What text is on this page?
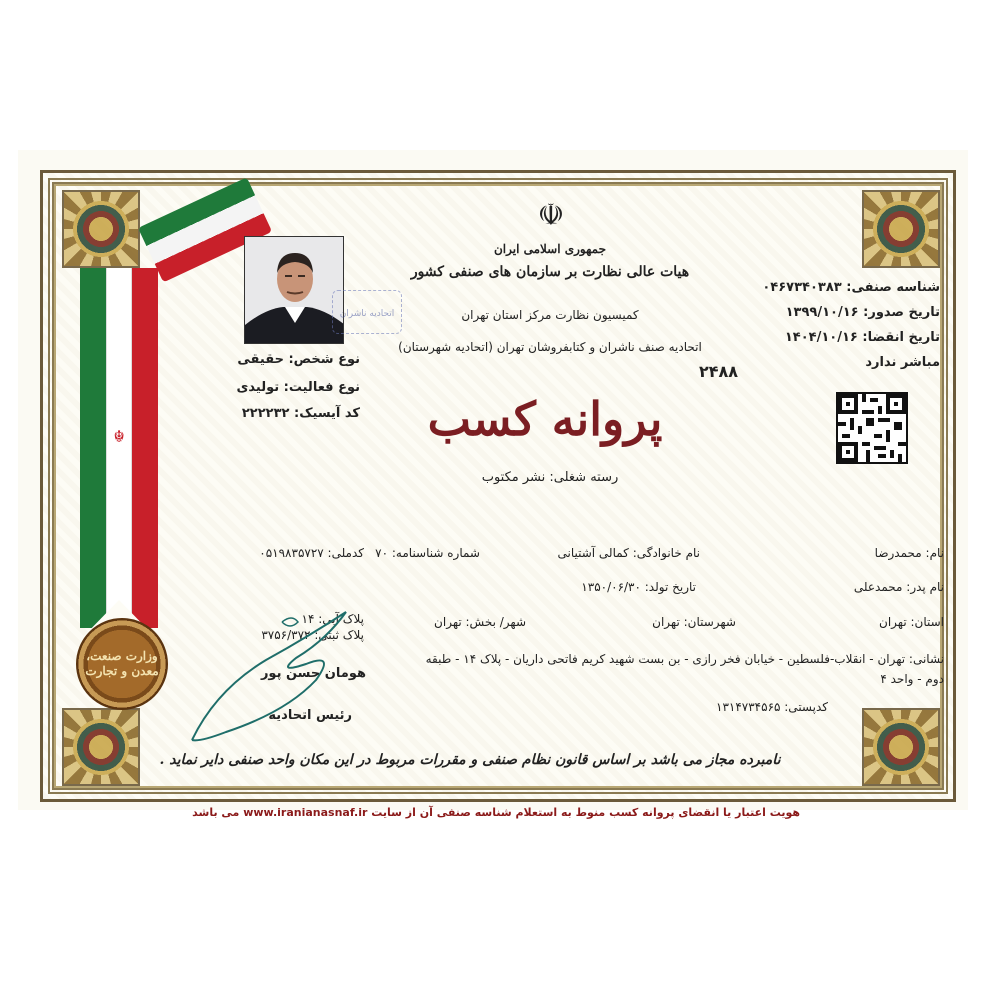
☬
وزارت صنعت، معدن و تجارت
اتحادیه ناشران
نوع شخص: حقیقی
نوع فعالیت: تولیدی
کد آیسیک: ۲۲۲۲۳۲
☫
جمهوری اسلامی ایران
هیات عالی نظارت بر سازمان های صنفی کشور
کمیسیون نظارت مرکز استان تهران
اتحادیه صنف ناشران و کتابفروشان تهران (اتحادیه شهرستان)
۲۴۸۸
پروانه کسب
رسته شغلی: نشر مکتوب
شناسه صنفی: ۰۴۶۷۳۴۰۳۸۳
تاریخ صدور: ۱۳۹۹/۱۰/۱۶
تاریخ انقضا: ۱۴۰۴/۱۰/۱۶
مباشر ندارد
نام: محمدرضا
نام خانوادگی: کمالی آشتیانی
شماره شناسنامه: ۷۰
کدملی: ۰۵۱۹۸۳۵۷۲۷
نام پدر: محمدعلی
تاریخ تولد: ۱۳۵۰/۰۶/۳۰
استان: تهران
شهرستان: تهران
شهر/ بخش: تهران
پلاک آبی: ۱۴
پلاک ثبتی: ۳۷۵۶/۳۷۲
نشانی: تهران - انقلاب-فلسطین - خیابان فخر رازی - بن بست شهید کریم فاتحی داریان - پلاک ۱۴ - طبقه
دوم - واحد ۴
کدپستی: ۱۳۱۴۷۳۴۵۶۵
هومان حسن پور
رئیس اتحادیه
نامبرده مجاز می باشد بر اساس قانون نظام صنفی و مقررات مربوط در این مکان واحد صنفی دایر نماید .
هویت اعتبار یا انقضای پروانه کسب منوط به استعلام شناسه صنفی آن از سایت www.iranianasnaf.ir می باشد
